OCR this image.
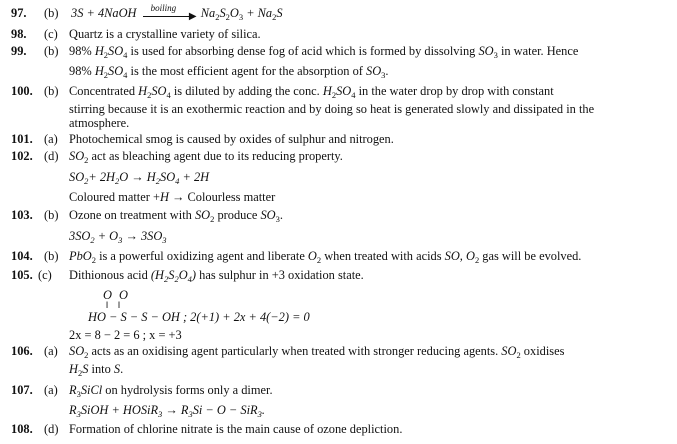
97. (b) 3S + 4NaOH boiling
▶ $Na_2S_2O_3 + Na_2S$
98. (c) Quartz is a crystalline variety of silica.
99. (b) 98% $H_2SO_4$ is used for absorbing dense fog of acid which is formed by dissolving $SO_3$ in water. Hence
98% $H_2SO_4$ is the most efficient agent for the absorption of $SO_3$.
100. (b) Concentrated $H_2SO_4$ is diluted by adding the conc. $H_2SO_4$ in the water drop by drop with constant
stirring because it is an exothermic reaction and by doing so heat is generated slowly and dissipated in the
atmosphere.
101. (a) Photochemical smog is caused by oxides of sulphur and nitrogen.
102. (d) $SO_2$ act as bleaching agent due to its reducing property.
$SO_2+ 2H_2O \to H_2SO_4 + 2H$
Coloured matter +H → Colourless matter
103. (b) Ozone on treatment with $SO_2$ produce $SO_3$.
$3SO_2 + O_3 \to 3SO_3$
104. (b) PbO$_2$ is a powerful oxidizing agent and liberate $O_2$ when treated with acids SO, $O_2$ gas will be evolved.
105. (c) Dithionous acid $(H_2S_2O_4)$ has sulphur in +3 oxidation state.
O O
‖    ‖
HO − S − S − OH ; 2(+1) + 2x + 4(−2) = 0
2x = 8 − 2 = 6 ; x = +3
106. (a) $SO_2$ acts as an oxidising agent particularly when treated with stronger reducing agents. $SO_2$ oxidises
$H_2S$ into S.
107. (a) $R_3SiCl$ on hydrolysis forms only a dimer.
$R_3SiOH$ + HOSiR$_3$ → $R_3Si - O - SiR_3$.
108. (d) Formation of chlorine nitrate is the main cause of ozone depliction.
